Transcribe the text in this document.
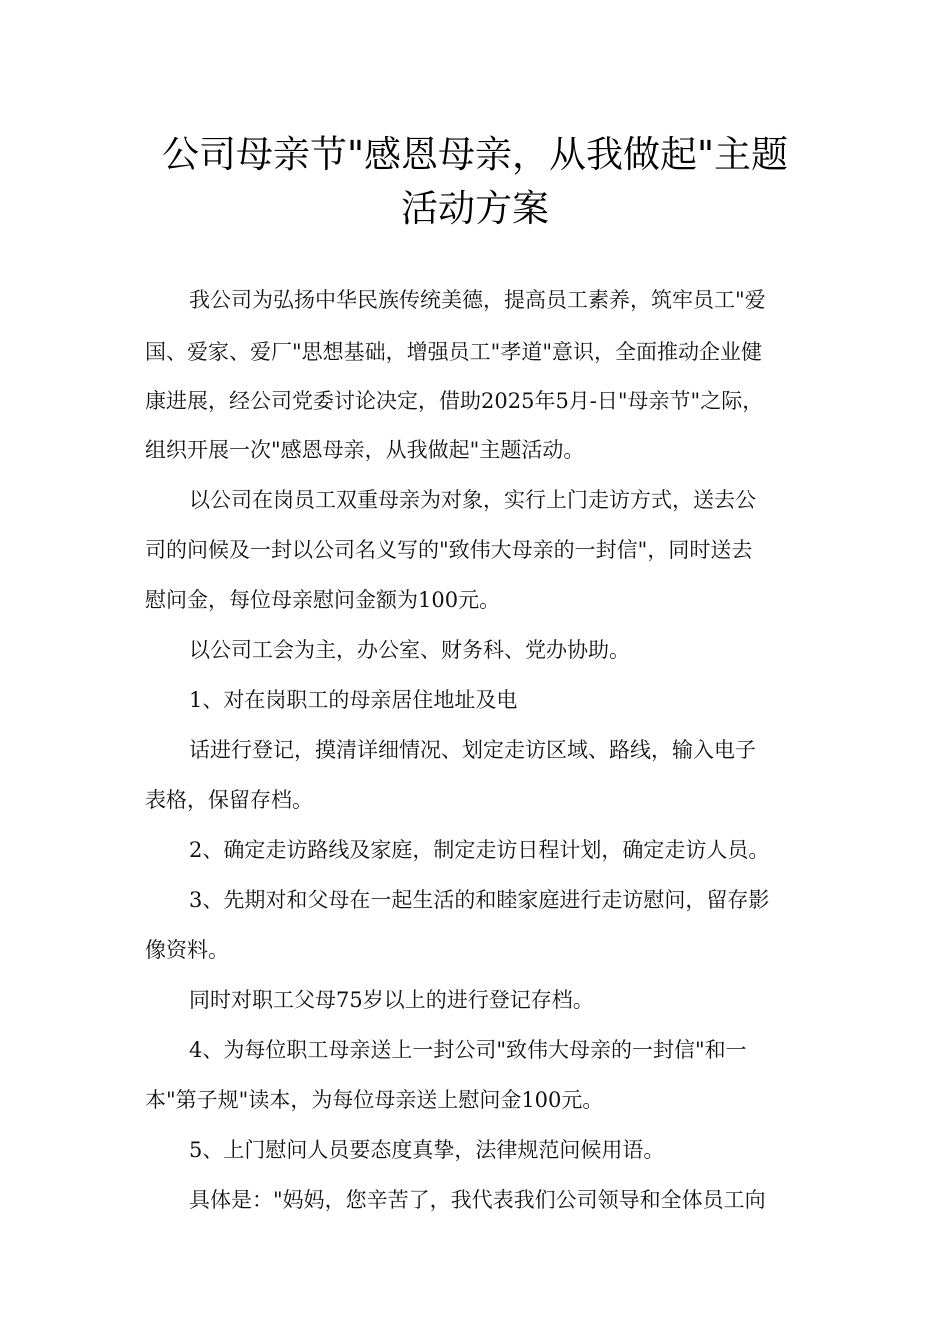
公司母亲节"感恩母亲，从我做起"主题
活动方案
我公司为弘扬中华民族传统美德，提高员工素养，筑牢员工"爱
国、爱家、爱厂"思想基础，增强员工"孝道"意识，全面推动企业健
康进展，经公司党委讨论决定，借助2025年5月-日"母亲节"之际，
组织开展一次"感恩母亲，从我做起"主题活动。
以公司在岗员工双重母亲为对象，实行上门走访方式，送去公
司的问候及一封以公司名义写的"致伟大母亲的一封信"，同时送去
慰问金，每位母亲慰问金额为100元。
以公司工会为主，办公室、财务科、党办协助。
1、对在岗职工的母亲居住地址及电
话进行登记，摸清详细情况、划定走访区域、路线，输入电子
表格，保留存档。
2、确定走访路线及家庭，制定走访日程计划，确定走访人员。
3、先期对和父母在一起生活的和睦家庭进行走访慰问，留存影
像资料。
同时对职工父母75岁以上的进行登记存档。
4、为每位职工母亲送上一封公司"致伟大母亲的一封信"和一
本"第子规"读本，为每位母亲送上慰问金100元。
5、上门慰问人员要态度真挚，法律规范问候用语。
具体是："妈妈，您辛苦了，我代表我们公司领导和全体员工向
